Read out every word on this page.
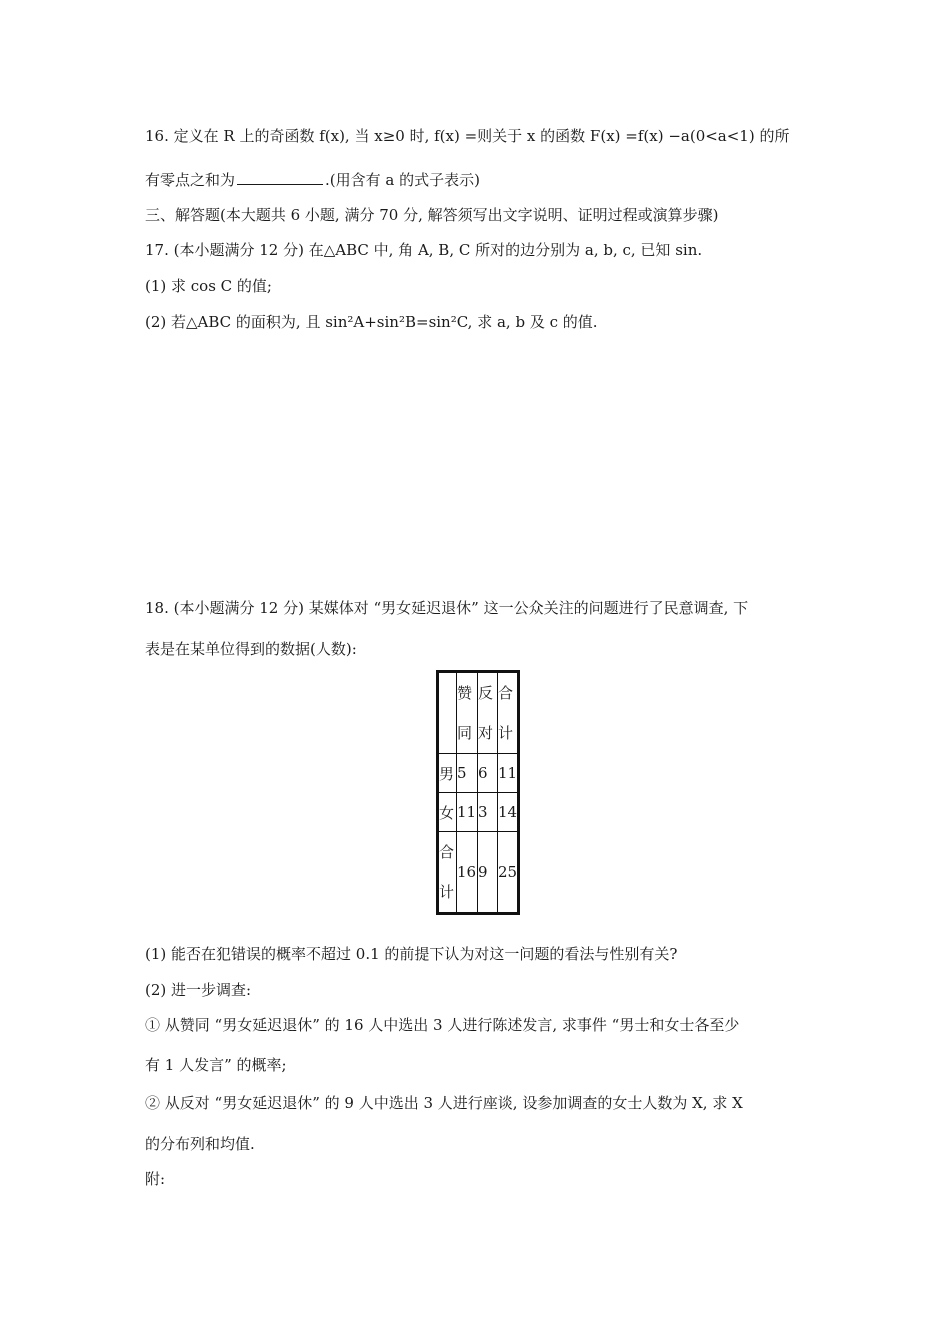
16. 定义在 R 上的奇函数 f(x), 当 x≥0 时, f(x) =则关于 x 的函数 F(x) =f(x) −a(0<a<1) 的所
有零点之和为	.(用含有 a 的式子表示)
三、解答题(本大题共 6 小题, 满分 70 分, 解答须写出文字说明、证明过程或演算步骤)
17. (本小题满分 12 分) 在△ABC 中, 角 A, B, C 所对的边分别为 a, b, c, 已知 sin.
(1) 求 cos C 的值;
(2) 若△ABC 的面积为, 且 sin²A+sin²B=sin²C, 求 a, b 及 c 的值.
18. (本小题满分 12 分) 某媒体对 “男女延迟退休” 这一公众关注的问题进行了民意调查, 下
表是在某单位得到的数据(人数):

	赞同	反对	合计

男	5	6	11
女	11	3	14

合计	16	9	25
(1) 能否在犯错误的概率不超过 0.1 的前提下认为对这一问题的看法与性别有关?
(2) 进一步调查:
① 从赞同 “男女延迟退休” 的 16 人中选出 3 人进行陈述发言, 求事件 “男士和女士各至少
有 1 人发言” 的概率;
② 从反对 “男女延迟退休” 的 9 人中选出 3 人进行座谈, 设参加调查的女士人数为 X, 求 X
的分布列和均值.
附:
